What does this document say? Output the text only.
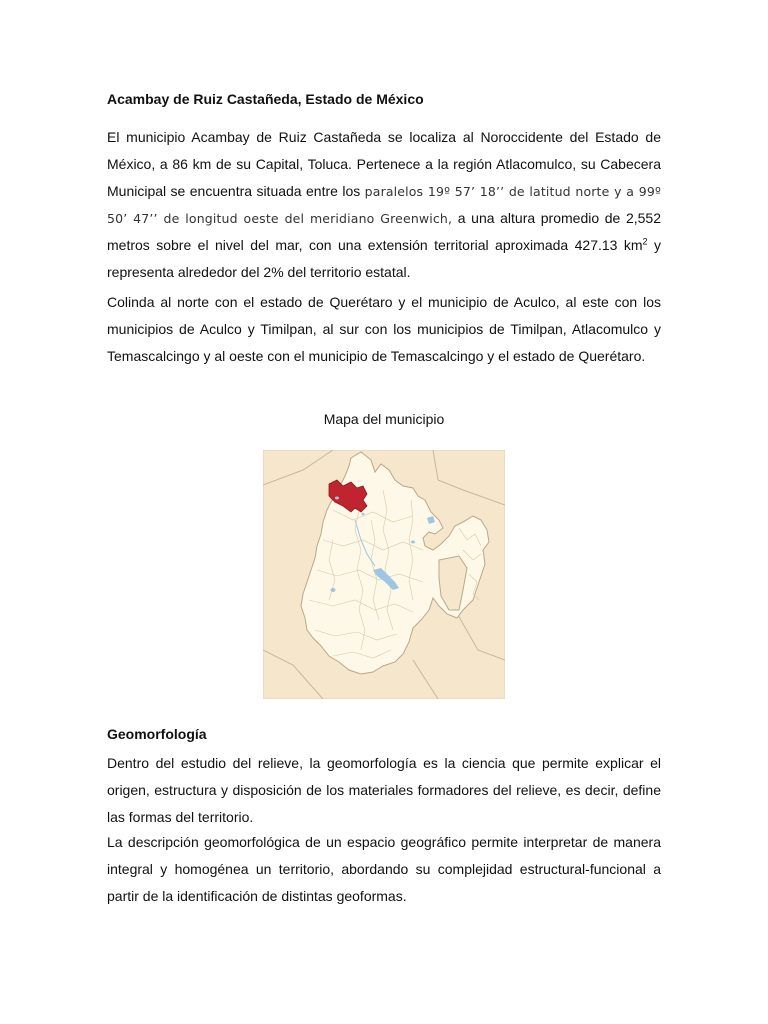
Acambay de Ruiz Castañeda, Estado de México

El municipio Acambay de Ruiz Castañeda se localiza al Noroccidente del Estado de México, a 86 km de su Capital, Toluca. Pertenece a la región Atlacomulco, su Cabecera Municipal se encuentra situada entre los paralelos 19º 57’ 18’’ de latitud norte y a 99º 50’ 47’’ de longitud oeste del meridiano Greenwich, a una altura promedio de 2,552 metros sobre el nivel del mar, con una extensión territorial aproximada 427.13 $km^2$ y representa alrededor del 2% del territorio estatal.

Colinda al norte con el estado de Querétaro y el municipio de Aculco, al este con los municipios de Aculco y Timilpan, al sur con los municipios de Timilpan, Atlacomulco y Temascalcingo y al oeste con el municipio de Temascalcingo y el estado de Querétaro.

Mapa del municipio
Geomorfología

Dentro del estudio del relieve, la geomorfología es la ciencia que permite explicar el origen, estructura y disposición de los materiales formadores del relieve, es decir, define las formas del territorio.

La descripción geomorfológica de un espacio geográfico permite interpretar de manera integral y homogénea un territorio, abordando su complejidad estructural-funcional a partir de la identificación de distintas geoformas.
